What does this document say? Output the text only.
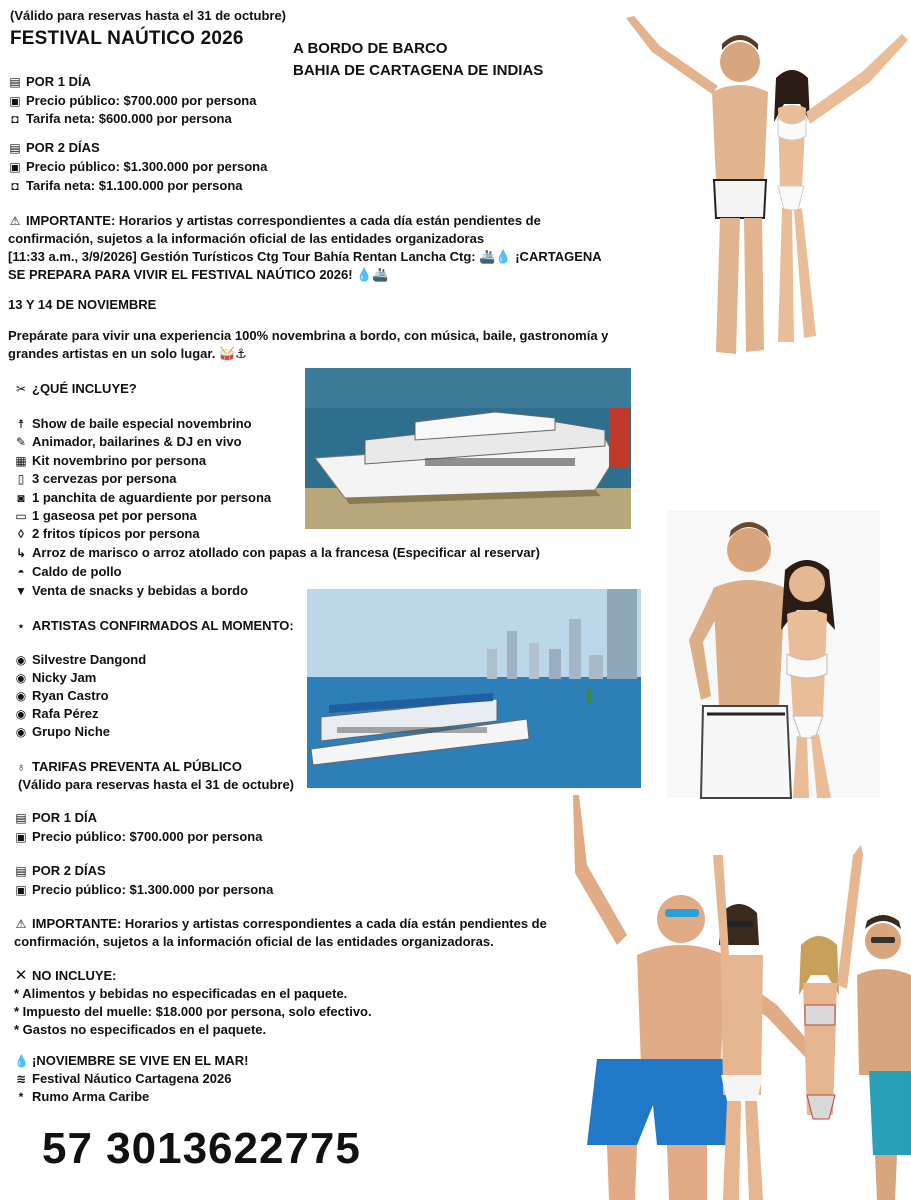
(Válido para reservas hasta el 31 de octubre)
FESTIVAL NAÚTICO 2026	A BORDO DE BARCO
BAHIA DE CARTAGENA DE INDIAS
▤ POR 1 DÍA
▣ Precio público: $700.000 por persona
◘ Tarifa neta: $600.000 por persona
▤ POR 2 DÍAS
▣ Precio público: $1.300.000 por persona
◘ Tarifa neta: $1.100.000 por persona
⚠ IMPORTANTE: Horarios y artistas correspondientes a cada día están pendientes de
confirmación, sujetos a la información oficial de las entidades organizadoras
[11:33 a.m., 3/9/2026] Gestión Turísticos Ctg Tour Bahía Rentan Lancha Ctg: 🚢💧 ¡CARTAGENA
SE PREPARA PARA VIVIR EL FESTIVAL NAÚTICO 2026! 💧🚢
13 Y 14 DE NOVIEMBRE
Prepárate para vivir una experiencia 100% novembrina a bordo, con música, baile, gastronomía y
grandes artistas en un solo lugar. 🥁⚓
✂ ¿QUÉ INCLUYE?
☨ Show de baile especial novembrino
✎ Animador, bailarines & DJ en vivo
▦ Kit novembrino por persona
▯ 3 cervezas por persona
◙ 1 panchita de aguardiente por persona
▭ 1 gaseosa pet por persona
◊ 2 fritos típicos por persona
↳ Arroz de marisco o arroz atollado con papas a la francesa (Especificar al reservar)
◓ Caldo de pollo
▼ Venta de snacks y bebidas a bordo
⋆ ARTISTAS CONFIRMADOS AL MOMENTO:
◉ Silvestre Dangond
◉ Nicky Jam
◉ Ryan Castro
◉ Rafa Pérez
◉ Grupo Niche
♁ TARIFAS PREVENTA AL PÚBLICO
(Válido para reservas hasta el 31 de octubre)
▤ POR 1 DÍA
▣ Precio público: $700.000 por persona
▤ POR 2 DÍAS
▣ Precio público: $1.300.000 por persona
⚠ IMPORTANTE: Horarios y artistas correspondientes a cada día están pendientes de
confirmación, sujetos a la información oficial de las entidades organizadoras.
✕ NO INCLUYE:
* Alimentos y bebidas no especificadas en el paquete.
* Impuesto del muelle: $18.000 por persona, solo efectivo.
* Gastos no especificados en el paquete.
💧 ¡NOVIEMBRE SE VIVE EN EL MAR!
≋ Festival Náutico Cartagena 2026
* Rumo Arma Caribe
57 3013622775
